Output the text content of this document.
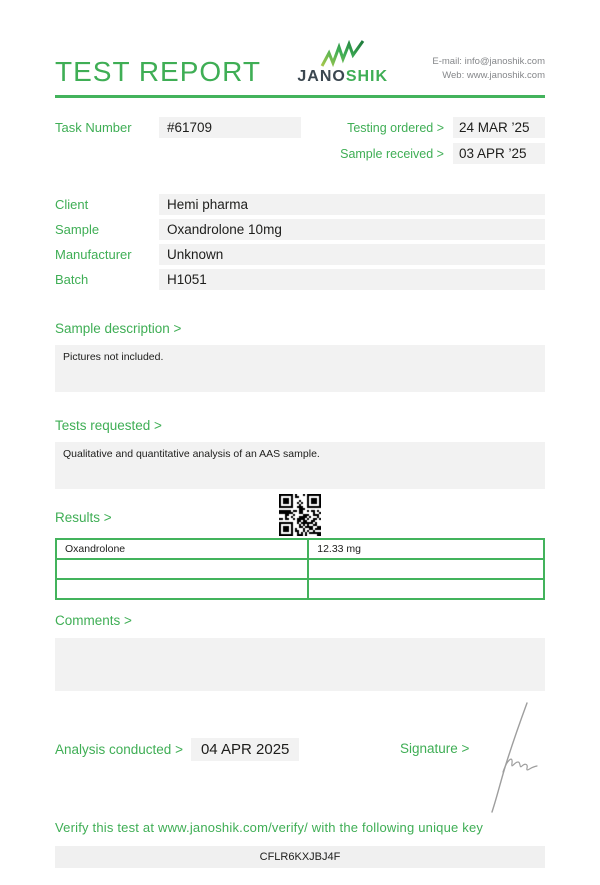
TEST REPORT JANOSHIK
E-mail: info@janoshik.com
Web: www.janoshik.com
Task Number	#61709	Testing ordered >	24 MAR ’25
Sample received >	03 APR ’25
Client	Hemi pharma
Sample	Oxandrolone 10mg
Manufacturer	Unknown
Batch	H1051
Sample description >
Pictures not included.
Tests requested >
Qualitative and quantitative analysis of an AAS sample.
Results >
Oxandrolone	12.33 mg

Comments >
Analysis conducted >	04 APR 2025	Signature >
Verify this test at www.janoshik.com/verify/ with the following unique key
CFLR6KXJBJ4F
